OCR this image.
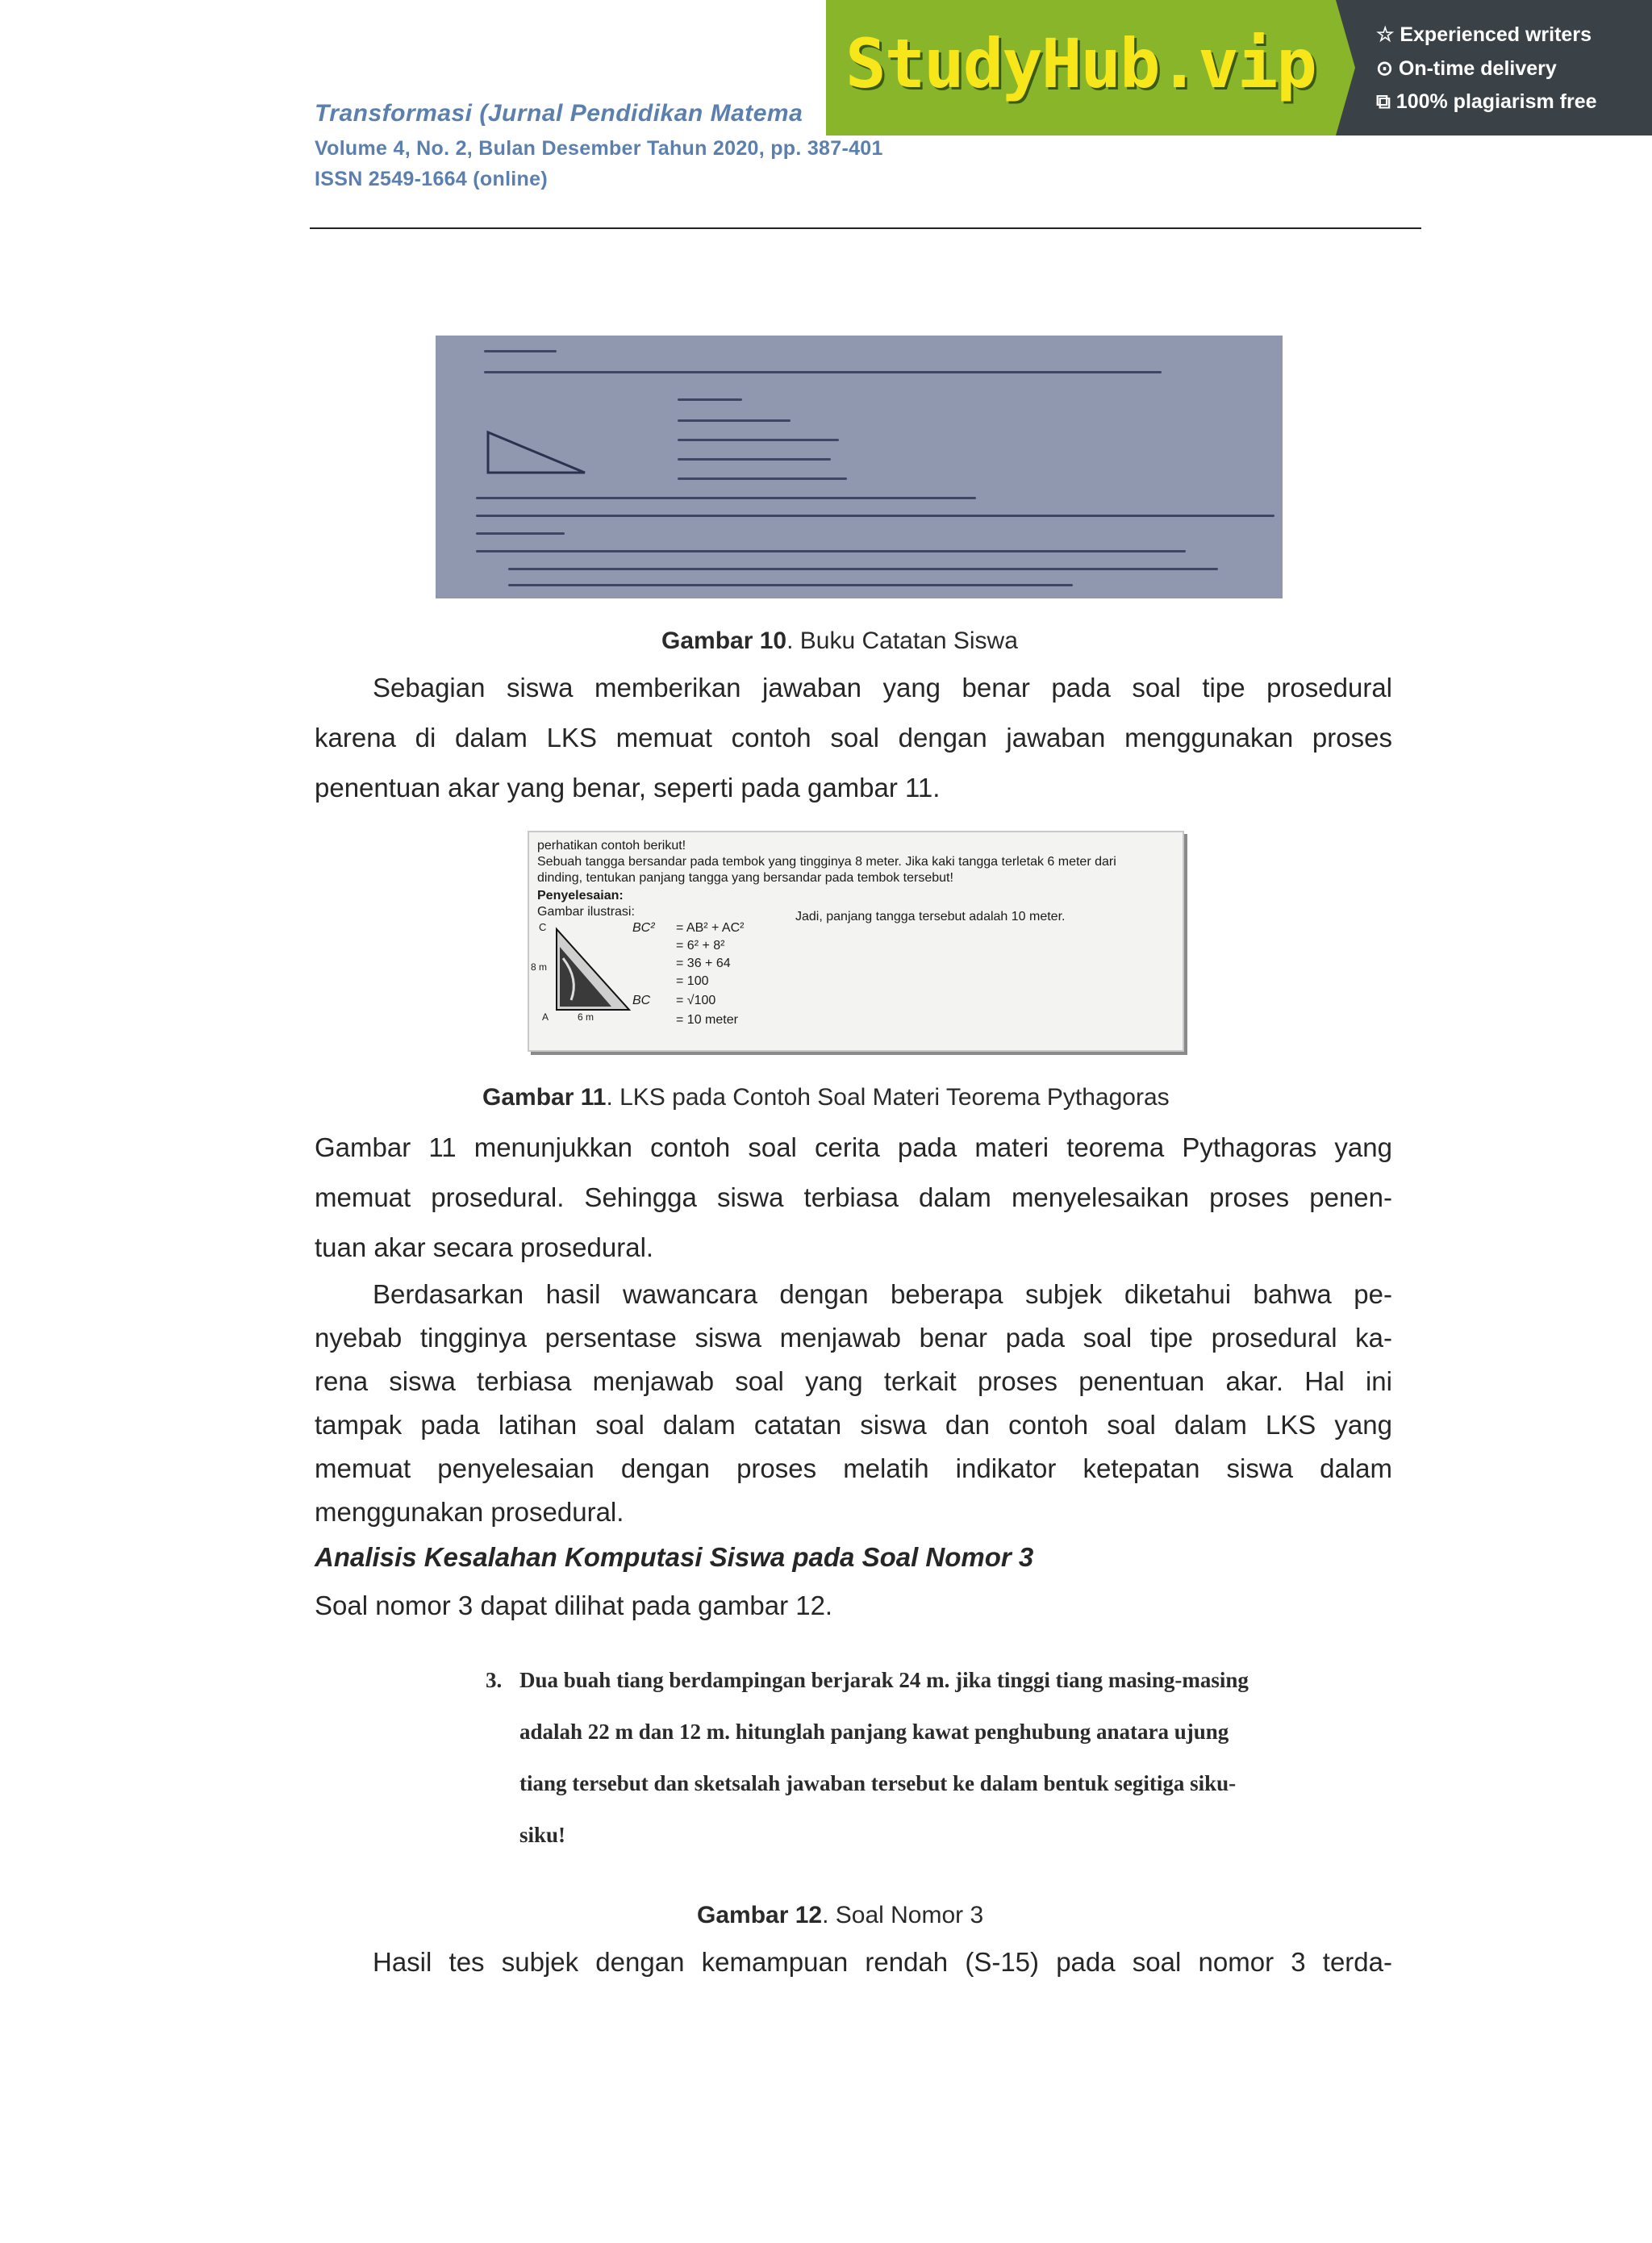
Transformasi (Jurnal Pendidikan Matema
Volume 4, No. 2, Bulan Desember Tahun 2020, pp. 387-401
ISSN 2549-1664 (online)
StudyHub.vip	☆ Experienced writers
⊙ On-time delivery
⧉ 100% plagiarism free
Gambar 10. Buku Catatan Siswa
Sebagian siswa memberikan jawaban yang benar pada soal tipe prosedural
karena di dalam LKS memuat contoh soal dengan jawaban menggunakan proses
penentuan akar yang benar, seperti pada gambar 11.
perhatikan contoh berikut!
Sebuah tangga bersandar pada tembok yang tingginya 8 meter. Jika kaki tangga terletak 6 meter dari
dinding, tentukan panjang tangga yang bersandar pada tembok tersebut!
Penyelesaian:
Gambar ilustrasi:
C
8 m
6 m
A
BC² = AB² + AC²
= 6² + 8²
= 36 + 64
= 100
BC = √100
= 10 meter
Jadi, panjang tangga tersebut adalah 10 meter.
Gambar 11. LKS pada Contoh Soal Materi Teorema Pythagoras
Gambar 11 menunjukkan contoh soal cerita pada materi teorema Pythagoras yang
memuat prosedural. Sehingga siswa terbiasa dalam menyelesaikan proses penen-
tuan akar secara prosedural.
Berdasarkan hasil wawancara dengan beberapa subjek diketahui bahwa pe-
nyebab tingginya persentase siswa menjawab benar pada soal tipe prosedural ka-
rena siswa terbiasa menjawab soal yang terkait proses penentuan akar. Hal ini
tampak pada latihan soal dalam catatan siswa dan contoh soal dalam LKS yang
memuat penyelesaian dengan proses melatih indikator ketepatan siswa dalam
menggunakan prosedural.
Analisis Kesalahan Komputasi Siswa pada Soal Nomor 3
Soal nomor 3 dapat dilihat pada gambar 12.
3. Dua buah tiang berdampingan berjarak 24 m. jika tinggi tiang masing-masing
adalah 22 m dan 12 m. hitunglah panjang kawat penghubung anatara ujung
tiang tersebut dan sketsalah jawaban tersebut ke dalam bentuk segitiga siku-
siku!
Gambar 12. Soal Nomor 3
Hasil tes subjek dengan kemampuan rendah (S-15) pada soal nomor 3 terda-
